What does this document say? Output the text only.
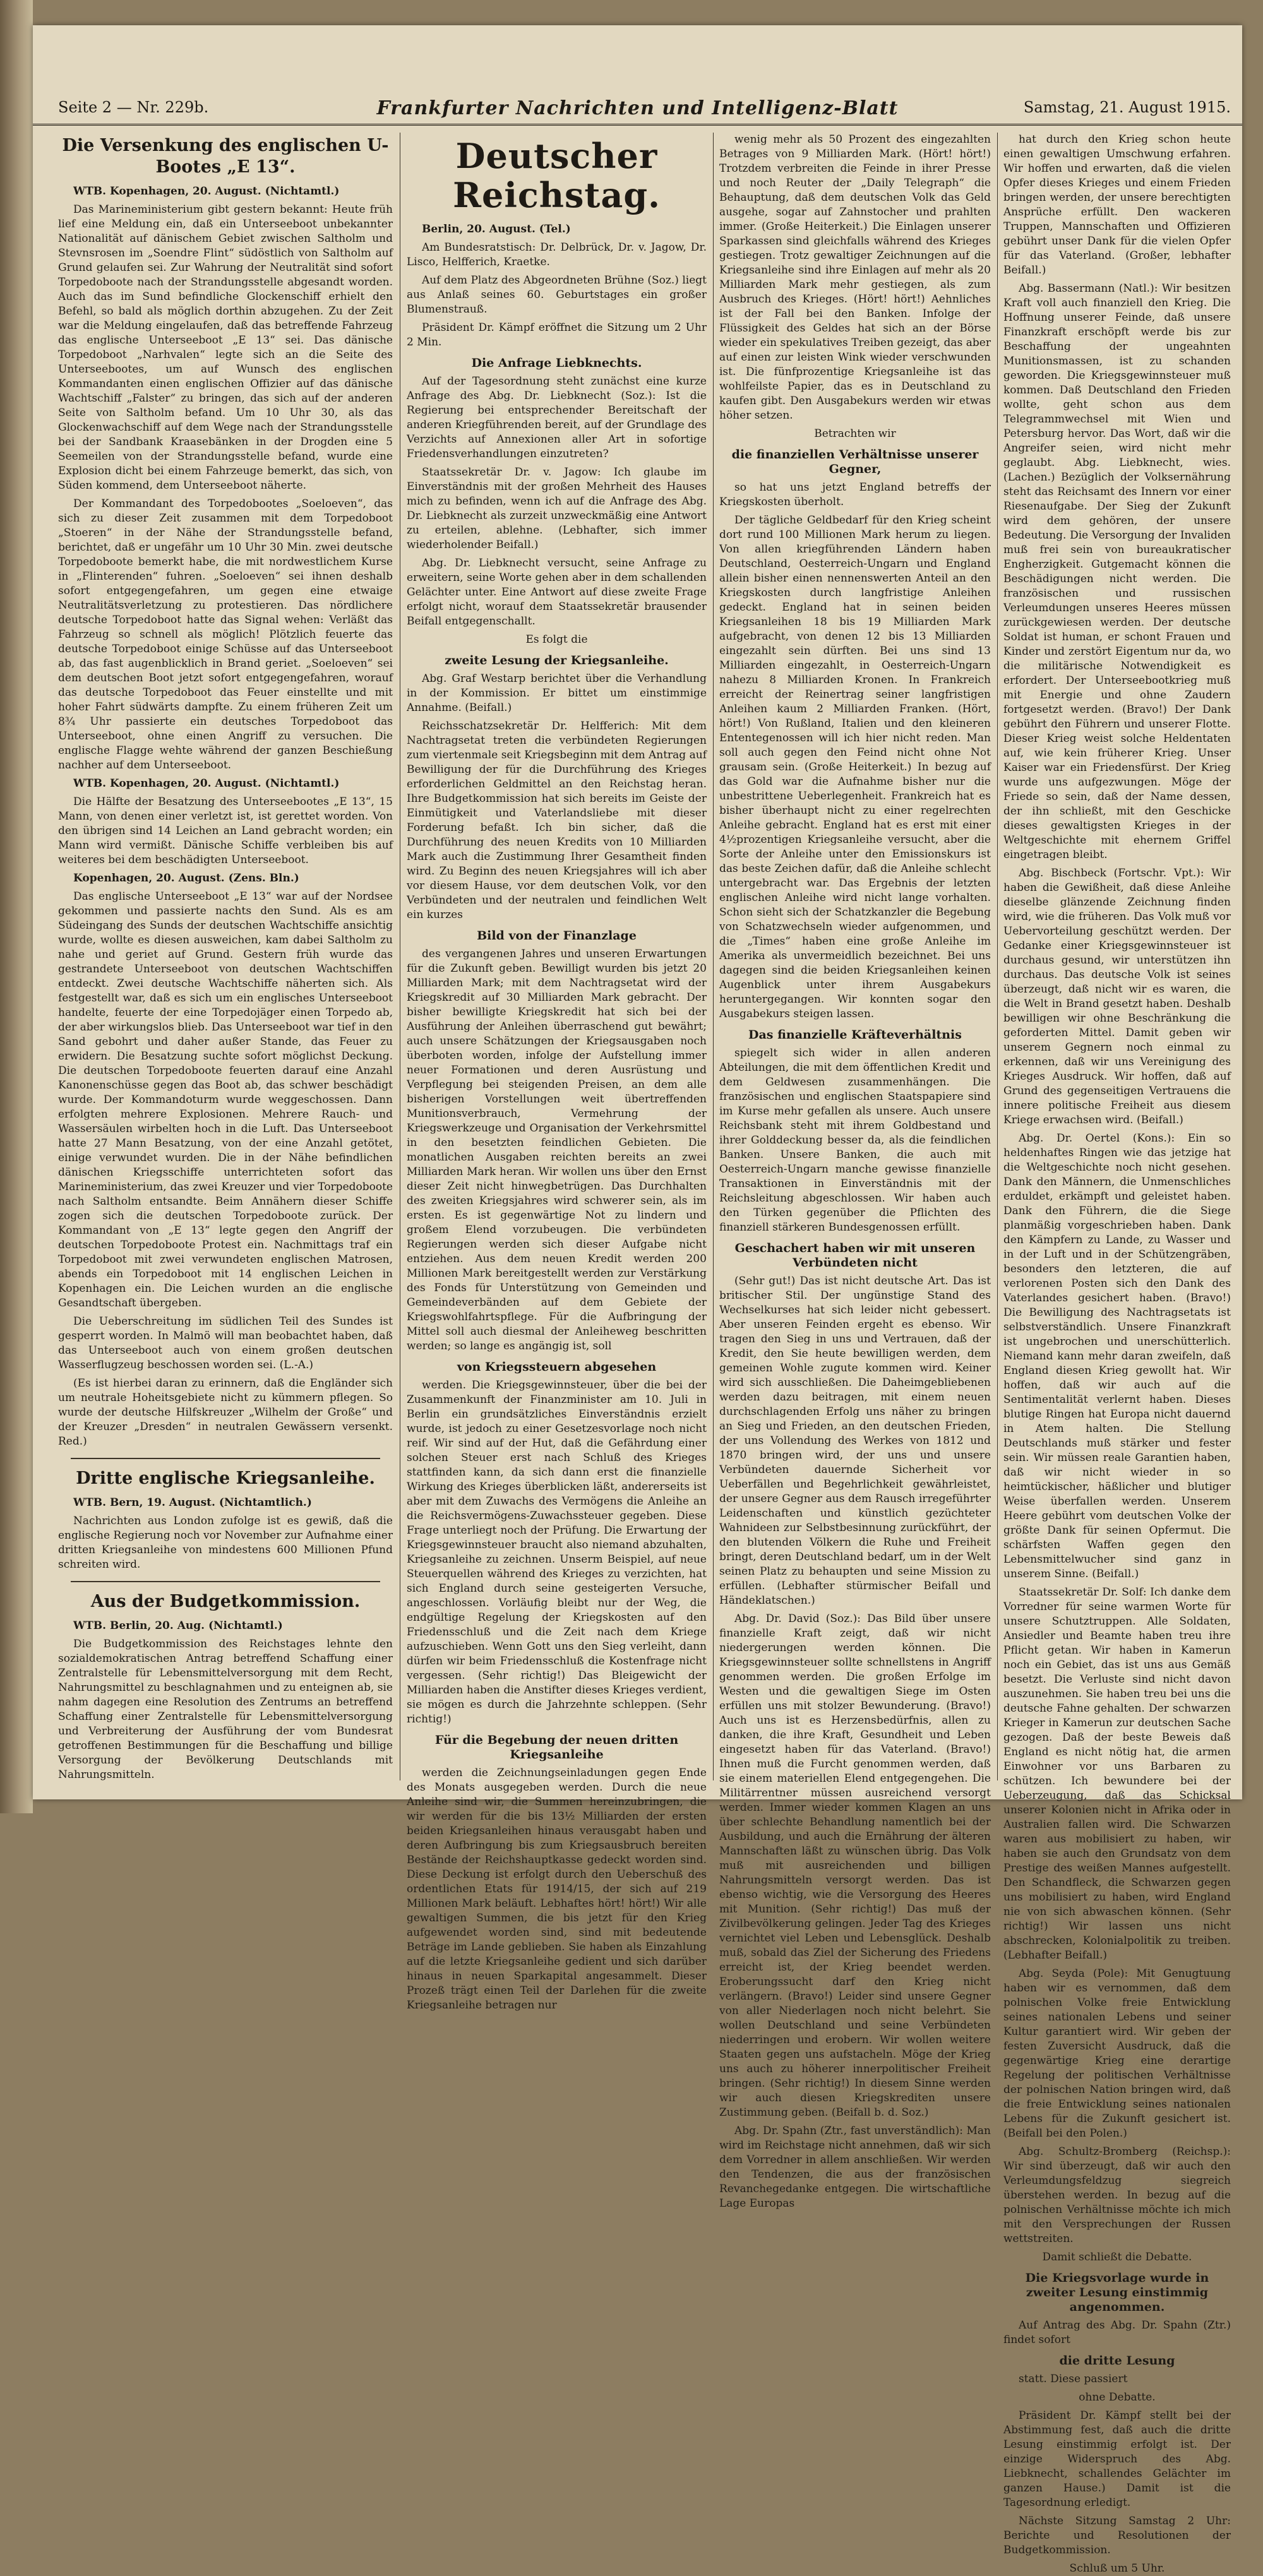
Seite 2 — Nr. 229b.	Frankfurter Nachrichten und Intelligenz-Blatt	Samstag, 21. August 1915.
Die Versenkung des englischen U-Bootes „E 13“.

WTB. Kopenhagen, 20. August. (Nichtamtl.)

Das Marineministerium gibt gestern bekannt: Heute früh lief eine Meldung ein, daß ein Unterseeboot unbekannter Nationalität auf dänischem Gebiet zwischen Saltholm und Stevnsrosen im „Soendre Flint“ südöstlich von Saltholm auf Grund gelaufen sei. Zur Wahrung der Neutralität sind sofort Torpedoboote nach der Strandungsstelle abgesandt worden. Auch das im Sund befindliche Glockenschiff erhielt den Befehl, so bald als möglich dorthin abzugehen. Zu der Zeit war die Meldung eingelaufen, daß das betreffende Fahrzeug das englische Unterseeboot „E 13“ sei. Das dänische Torpedoboot „Narhvalen“ legte sich an die Seite des Unterseebootes, um auf Wunsch des englischen Kommandanten einen englischen Offizier auf das dänische Wachtschiff „Falster“ zu bringen, das sich auf der anderen Seite von Saltholm befand. Um 10 Uhr 30, als das Glockenwachschiff auf dem Wege nach der Strandungsstelle bei der Sandbank Kraasebänken in der Drogden eine 5 Seemeilen von der Strandungsstelle befand, wurde eine Explosion dicht bei einem Fahrzeuge bemerkt, das sich, von Süden kommend, dem Unterseeboot näherte.

Der Kommandant des Torpedobootes „Soeloeven“, das sich zu dieser Zeit zusammen mit dem Torpedoboot „Stoeren“ in der Nähe der Strandungsstelle befand, berichtet, daß er ungefähr um 10 Uhr 30 Min. zwei deutsche Torpedoboote bemerkt habe, die mit nordwestlichem Kurse in „Flinterenden“ fuhren. „Soeloeven“ sei ihnen deshalb sofort entgegengefahren, um gegen eine etwaige Neutralitätsverletzung zu protestieren. Das nördlichere deutsche Torpedoboot hatte das Signal wehen: Verläßt das Fahrzeug so schnell als möglich! Plötzlich feuerte das deutsche Torpedoboot einige Schüsse auf das Unterseeboot ab, das fast augenblicklich in Brand geriet. „Soeloeven“ sei dem deutschen Boot jetzt sofort entgegengefahren, worauf das deutsche Torpedoboot das Feuer einstellte und mit hoher Fahrt südwärts dampfte. Zu einem früheren Zeit um 8¾ Uhr passierte ein deutsches Torpedoboot das Unterseeboot, ohne einen Angriff zu versuchen. Die englische Flagge wehte während der ganzen Beschießung nachher auf dem Unterseeboot.

WTB. Kopenhagen, 20. August. (Nichtamtl.)

Die Hälfte der Besatzung des Unterseebootes „E 13“, 15 Mann, von denen einer verletzt ist, ist gerettet worden. Von den übrigen sind 14 Leichen an Land gebracht worden; ein Mann wird vermißt. Dänische Schiffe verbleiben bis auf weiteres bei dem beschädigten Unterseeboot.

Kopenhagen, 20. August. (Zens. Bln.)

Das englische Unterseeboot „E 13“ war auf der Nordsee gekommen und passierte nachts den Sund. Als es am Südeingang des Sunds der deutschen Wachtschiffe ansichtig wurde, wollte es diesen ausweichen, kam dabei Saltholm zu nahe und geriet auf Grund. Gestern früh wurde das gestrandete Unterseeboot von deutschen Wachtschiffen entdeckt. Zwei deutsche Wachtschiffe näherten sich. Als festgestellt war, daß es sich um ein englisches Unterseeboot handelte, feuerte der eine Torpedojäger einen Torpedo ab, der aber wirkungslos blieb. Das Unterseeboot war tief in den Sand gebohrt und daher außer Stande, das Feuer zu erwidern. Die Besatzung suchte sofort möglichst Deckung. Die deutschen Torpedoboote feuerten darauf eine Anzahl Kanonenschüsse gegen das Boot ab, das schwer beschädigt wurde. Der Kommandoturm wurde weggeschossen. Dann erfolgten mehrere Explosionen. Mehrere Rauch- und Wassersäulen wirbelten hoch in die Luft. Das Unterseeboot hatte 27 Mann Besatzung, von der eine Anzahl getötet, einige verwundet wurden. Die in der Nähe befindlichen dänischen Kriegsschiffe unterrichteten sofort das Marineministerium, das zwei Kreuzer und vier Torpedoboote nach Saltholm entsandte. Beim Annähern dieser Schiffe zogen sich die deutschen Torpedoboote zurück. Der Kommandant von „E 13“ legte gegen den Angriff der deutschen Torpedoboote Protest ein. Nachmittags traf ein Torpedoboot mit zwei verwundeten englischen Matrosen, abends ein Torpedoboot mit 14 englischen Leichen in Kopenhagen ein. Die Leichen wurden an die englische Gesandtschaft übergeben.

Die Ueberschreitung im südlichen Teil des Sundes ist gesperrt worden. In Malmö will man beobachtet haben, daß das Unterseeboot auch von einem großen deutschen Wasserflugzeug beschossen worden sei. (L.-A.)

(Es ist hierbei daran zu erinnern, daß die Engländer sich um neutrale Hoheitsgebiete nicht zu kümmern pflegen. So wurde der deutsche Hilfskreuzer „Wilhelm der Große“ und der Kreuzer „Dresden“ in neutralen Gewässern versenkt. Red.)

Dritte englische Kriegsanleihe.

WTB. Bern, 19. August. (Nichtamtlich.)

Nachrichten aus London zufolge ist es gewiß, daß die englische Regierung noch vor November zur Aufnahme einer dritten Kriegsanleihe von mindestens 600 Millionen Pfund schreiten wird.

Aus der Budgetkommission.

WTB. Berlin, 20. Aug. (Nichtamtl.)

Die Budgetkommission des Reichstages lehnte den sozialdemokratischen Antrag betreffend Schaffung einer Zentralstelle für Lebensmittelversorgung mit dem Recht, Nahrungsmittel zu beschlagnahmen und zu enteignen ab, sie nahm dagegen eine Resolution des Zentrums an betreffend Schaffung einer Zentralstelle für Lebensmittelversorgung und Verbreiterung der Ausführung der vom Bundesrat getroffenen Bestimmungen für die Beschaffung und billige Versorgung der Bevölkerung Deutschlands mit Nahrungsmitteln.

Deutscher Reichstag.

Berlin, 20. August. (Tel.)

Am Bundesratstisch: Dr. Delbrück, Dr. v. Jagow, Dr. Lisco, Helfferich, Kraetke.

Auf dem Platz des Abgeordneten Brühne (Soz.) liegt aus Anlaß seines 60. Geburtstages ein großer Blumenstrauß.

Präsident Dr. Kämpf eröffnet die Sitzung um 2 Uhr 2 Min.

Die Anfrage Liebknechts.

Auf der Tagesordnung steht zunächst eine kurze Anfrage des Abg. Dr. Liebknecht (Soz.): Ist die Regierung bei entsprechender Bereitschaft der anderen Kriegführenden bereit, auf der Grundlage des Verzichts auf Annexionen aller Art in sofortige Friedensverhandlungen einzutreten?

Staatssekretär Dr. v. Jagow: Ich glaube im Einverständnis mit der großen Mehrheit des Hauses mich zu befinden, wenn ich auf die Anfrage des Abg. Dr. Liebknecht als zurzeit unzweckmäßig eine Antwort zu erteilen, ablehne. (Lebhafter, sich immer wiederholender Beifall.)

Abg. Dr. Liebknecht versucht, seine Anfrage zu erweitern, seine Worte gehen aber in dem schallenden Gelächter unter. Eine Antwort auf diese zweite Frage erfolgt nicht, worauf dem Staatssekretär brausender Beifall entgegenschallt.

Es folgt die

zweite Lesung der Kriegsanleihe.

Abg. Graf Westarp berichtet über die Verhandlung in der Kommission. Er bittet um einstimmige Annahme. (Beifall.)

Reichsschatzsekretär Dr. Helfferich: Mit dem Nachtragsetat treten die verbündeten Regierungen zum viertenmale seit Kriegsbeginn mit dem Antrag auf Bewilligung der für die Durchführung des Krieges erforderlichen Geldmittel an den Reichstag heran. Ihre Budgetkommission hat sich bereits im Geiste der Einmütigkeit und Vaterlandsliebe mit dieser Forderung befaßt. Ich bin sicher, daß die Durchführung des neuen Kredits von 10 Milliarden Mark auch die Zustimmung Ihrer Gesamtheit finden wird. Zu Beginn des neuen Kriegsjahres will ich aber vor diesem Hause, vor dem deutschen Volk, vor den Verbündeten und der neutralen und feindlichen Welt ein kurzes

Bild von der Finanzlage

des vergangenen Jahres und unseren Erwartungen für die Zukunft geben. Bewilligt wurden bis jetzt 20 Milliarden Mark; mit dem Nachtragsetat wird der Kriegskredit auf 30 Milliarden Mark gebracht. Der bisher bewilligte Kriegskredit hat sich bei der Ausführung der Anleihen überraschend gut bewährt; auch unsere Schätzungen der Kriegsausgaben noch überboten worden, infolge der Aufstellung immer neuer Formationen und deren Ausrüstung und Verpflegung bei steigenden Preisen, an dem alle bisherigen Vorstellungen weit übertreffenden Munitionsverbrauch, Vermehrung der Kriegswerkzeuge und Organisation der Verkehrsmittel in den besetzten feindlichen Gebieten. Die monatlichen Ausgaben reichten bereits an zwei Milliarden Mark heran. Wir wollen uns über den Ernst dieser Zeit nicht hinwegbetrügen. Das Durchhalten des zweiten Kriegsjahres wird schwerer sein, als im ersten. Es ist gegenwärtige Not zu lindern und großem Elend vorzubeugen. Die verbündeten Regierungen werden sich dieser Aufgabe nicht entziehen. Aus dem neuen Kredit werden 200 Millionen Mark bereitgestellt werden zur Verstärkung des Fonds für Unterstützung von Gemeinden und Gemeindeverbänden auf dem Gebiete der Kriegswohlfahrtspflege. Für die Aufbringung der Mittel soll auch diesmal der Anleiheweg beschritten werden; so lange es angängig ist, soll

von Kriegssteuern abgesehen

werden. Die Kriegsgewinnsteuer, über die bei der Zusammenkunft der Finanzminister am 10. Juli in Berlin ein grundsätzliches Einverständnis erzielt wurde, ist jedoch zu einer Gesetzesvorlage noch nicht reif. Wir sind auf der Hut, daß die Gefährdung einer solchen Steuer erst nach Schluß des Krieges stattfinden kann, da sich dann erst die finanzielle Wirkung des Krieges überblicken läßt, andererseits ist aber mit dem Zuwachs des Vermögens die Anleihe an die Reichsvermögens-Zuwachssteuer gegeben. Diese Frage unterliegt noch der Prüfung. Die Erwartung der Kriegsgewinnsteuer braucht also niemand abzuhalten, Kriegsanleihe zu zeichnen. Unserm Beispiel, auf neue Steuerquellen während des Krieges zu verzichten, hat sich England durch seine gesteigerten Versuche, angeschlossen. Vorläufig bleibt nur der Weg, die endgültige Regelung der Kriegskosten auf den Friedensschluß und die Zeit nach dem Kriege aufzuschieben. Wenn Gott uns den Sieg verleiht, dann dürfen wir beim Friedensschluß die Kostenfrage nicht vergessen. (Sehr richtig!) Das Bleigewicht der Milliarden haben die Anstifter dieses Krieges verdient, sie mögen es durch die Jahrzehnte schleppen. (Sehr richtig!)

Für die Begebung der neuen dritten Kriegsanleihe

werden die Zeichnungseinladungen gegen Ende des Monats ausgegeben werden. Durch die neue Anleihe sind wir, die Summen hereinzubringen, die wir werden für die bis 13½ Milliarden der ersten beiden Kriegsanleihen hinaus verausgabt haben und deren Aufbringung bis zum Kriegsausbruch bereiten Bestände der Reichshauptkasse gedeckt worden sind. Diese Deckung ist erfolgt durch den Ueberschuß des ordentlichen Etats für 1914/15, der sich auf 219 Millionen Mark beläuft. Lebhaftes hört! hört!) Wir alle gewaltigen Summen, die bis jetzt für den Krieg aufgewendet worden sind, sind mit bedeutende Beträge im Lande geblieben. Sie haben als Einzahlung auf die letzte Kriegsanleihe gedient und sich darüber hinaus in neuen Sparkapital angesammelt. Dieser Prozeß trägt einen Teil der Darlehen für die zweite Kriegsanleihe betragen nur

wenig mehr als 50 Prozent des eingezahlten Betrages von 9 Milliarden Mark. (Hört! hört!) Trotzdem verbreiten die Feinde in ihrer Presse und noch Reuter der „Daily Telegraph“ die Behauptung, daß dem deutschen Volk das Geld ausgehe, sogar auf Zahnstocher und prahlten immer. (Große Heiterkeit.) Die Einlagen unserer Sparkassen sind gleichfalls während des Krieges gestiegen. Trotz gewaltiger Zeichnungen auf die Kriegsanleihe sind ihre Einlagen auf mehr als 20 Milliarden Mark mehr gestiegen, als zum Ausbruch des Krieges. (Hört! hört!) Aehnliches ist der Fall bei den Banken. Infolge der Flüssigkeit des Geldes hat sich an der Börse wieder ein spekulatives Treiben gezeigt, das aber auf einen zur leisten Wink wieder verschwunden ist. Die fünfprozentige Kriegsanleihe ist das wohlfeilste Papier, das es in Deutschland zu kaufen gibt. Den Ausgabekurs werden wir etwas höher setzen.

Betrachten wir

die finanziellen Verhältnisse unserer Gegner,

so hat uns jetzt England betreffs der Kriegskosten überholt.

Der tägliche Geldbedarf für den Krieg scheint dort rund 100 Millionen Mark herum zu liegen. Von allen kriegführenden Ländern haben Deutschland, Oesterreich-Ungarn und England allein bisher einen nennenswerten Anteil an den Kriegskosten durch langfristige Anleihen gedeckt. England hat in seinen beiden Kriegsanleihen 18 bis 19 Milliarden Mark aufgebracht, von denen 12 bis 13 Milliarden eingezahlt sein dürften. Bei uns sind 13 Milliarden eingezahlt, in Oesterreich-Ungarn nahezu 8 Milliarden Kronen. In Frankreich erreicht der Reinertrag seiner langfristigen Anleihen kaum 2 Milliarden Franken. (Hört, hört!) Von Rußland, Italien und den kleineren Ententegenossen will ich hier nicht reden. Man soll auch gegen den Feind nicht ohne Not grausam sein. (Große Heiterkeit.) In bezug auf das Gold war die Aufnahme bisher nur die unbestrittene Ueberlegenheit. Frankreich hat es bisher überhaupt nicht zu einer regelrechten Anleihe gebracht. England hat es erst mit einer 4½prozentigen Kriegsanleihe versucht, aber die Sorte der Anleihe unter den Emissionskurs ist das beste Zeichen dafür, daß die Anleihe schlecht untergebracht war. Das Ergebnis der letzten englischen Anleihe wird nicht lange vorhalten. Schon sieht sich der Schatzkanzler die Begebung von Schatzwechseln wieder aufgenommen, und die „Times“ haben eine große Anleihe im Amerika als unvermeidlich bezeichnet. Bei uns dagegen sind die beiden Kriegsanleihen keinen Augenblick unter ihrem Ausgabekurs heruntergegangen. Wir konnten sogar den Ausgabekurs steigen lassen.

Das finanzielle Kräfteverhältnis

spiegelt sich wider in allen anderen Abteilungen, die mit dem öffentlichen Kredit und dem Geldwesen zusammenhängen. Die französischen und englischen Staatspapiere sind im Kurse mehr gefallen als unsere. Auch unsere Reichsbank steht mit ihrem Goldbestand und ihrer Golddeckung besser da, als die feindlichen Banken. Unsere Banken, die auch mit Oesterreich-Ungarn manche gewisse finanzielle Transaktionen in Einverständnis mit der Reichsleitung abgeschlossen. Wir haben auch den Türken gegenüber die Pflichten des finanziell stärkeren Bundesgenossen erfüllt.

Geschachert haben wir mit unseren Verbündeten nicht

(Sehr gut!) Das ist nicht deutsche Art. Das ist britischer Stil. Der ungünstige Stand des Wechselkurses hat sich leider nicht gebessert. Aber unseren Feinden ergeht es ebenso. Wir tragen den Sieg in uns und Vertrauen, daß der Kredit, den Sie heute bewilligen werden, dem gemeinen Wohle zugute kommen wird. Keiner wird sich ausschließen. Die Daheimgebliebenen werden dazu beitragen, mit einem neuen durchschlagenden Erfolg uns näher zu bringen an Sieg und Frieden, an den deutschen Frieden, der uns Vollendung des Werkes von 1812 und 1870 bringen wird, der uns und unsere Verbündeten dauernde Sicherheit vor Ueberfällen und Begehrlichkeit gewährleistet, der unsere Gegner aus dem Rausch irregeführter Leidenschaften und künstlich gezüchteter Wahnideen zur Selbstbesinnung zurückführt, der den blutenden Völkern die Ruhe und Freiheit bringt, deren Deutschland bedarf, um in der Welt seinen Platz zu behaupten und seine Mission zu erfüllen. (Lebhafter stürmischer Beifall und Händeklatschen.)

Abg. Dr. David (Soz.): Das Bild über unsere finanzielle Kraft zeigt, daß wir nicht niedergerungen werden können. Die Kriegsgewinnsteuer sollte schnellstens in Angriff genommen werden. Die großen Erfolge im Westen und die gewaltigen Siege im Osten erfüllen uns mit stolzer Bewunderung. (Bravo!) Auch uns ist es Herzensbedürfnis, allen zu danken, die ihre Kraft, Gesundheit und Leben eingesetzt haben für das Vaterland. (Bravo!) Ihnen muß die Furcht genommen werden, daß sie einem materiellen Elend entgegengehen. Die Militärrentner müssen ausreichend versorgt werden. Immer wieder kommen Klagen an uns über schlechte Behandlung namentlich bei der Ausbildung, und auch die Ernährung der älteren Mannschaften läßt zu wünschen übrig. Das Volk muß mit ausreichenden und billigen Nahrungsmitteln versorgt werden. Das ist ebenso wichtig, wie die Versorgung des Heeres mit Munition. (Sehr richtig!) Das muß der Zivilbevölkerung gelingen. Jeder Tag des Krieges vernichtet viel Leben und Lebensglück. Deshalb muß, sobald das Ziel der Sicherung des Friedens erreicht ist, der Krieg beendet werden. Eroberungssucht darf den Krieg nicht verlängern. (Bravo!) Leider sind unsere Gegner von aller Niederlagen noch nicht belehrt. Sie wollen Deutschland und seine Verbündeten niederringen und erobern. Wir wollen weitere Staaten gegen uns aufstacheln. Möge der Krieg uns auch zu höherer innerpolitischer Freiheit bringen. (Sehr richtig!) In diesem Sinne werden wir auch diesen Kriegskrediten unsere Zustimmung geben. (Beifall b. d. Soz.)

Abg. Dr. Spahn (Ztr., fast unverständlich): Man wird im Reichstage nicht annehmen, daß wir sich dem Vorredner in allem anschließen. Wir werden den Tendenzen, die aus der französischen Revanchegedanke entgegen. Die wirtschaftliche Lage Europas

hat durch den Krieg schon heute einen gewaltigen Umschwung erfahren. Wir hoffen und erwarten, daß die vielen Opfer dieses Krieges und einem Frieden bringen werden, der unsere berechtigten Ansprüche erfüllt. Den wackeren Truppen, Mannschaften und Offizieren gebührt unser Dank für die vielen Opfer für das Vaterland. (Großer, lebhafter Beifall.)

Abg. Bassermann (Natl.): Wir besitzen Kraft voll auch finanziell den Krieg. Die Hoffnung unserer Feinde, daß unsere Finanzkraft erschöpft werde bis zur Beschaffung der ungeahnten Munitionsmassen, ist zu schanden geworden. Die Kriegsgewinnsteuer muß kommen. Daß Deutschland den Frieden wollte, geht schon aus dem Telegrammwechsel mit Wien und Petersburg hervor. Das Wort, daß wir die Angreifer seien, wird nicht mehr geglaubt. Abg. Liebknecht, wies. (Lachen.) Bezüglich der Volksernährung steht das Reichsamt des Innern vor einer Riesenaufgabe. Der Sieg der Zukunft wird dem gehören, der unsere Bedeutung. Die Versorgung der Invaliden muß frei sein von bureaukratischer Engherzigkeit. Gutgemacht können die Beschädigungen nicht werden. Die französischen und russischen Verleumdungen unseres Heeres müssen zurückgewiesen werden. Der deutsche Soldat ist human, er schont Frauen und Kinder und zerstört Eigentum nur da, wo die militärische Notwendigkeit es erfordert. Der Unterseebootkrieg muß mit Energie und ohne Zaudern fortgesetzt werden. (Bravo!) Der Dank gebührt den Führern und unserer Flotte. Dieser Krieg weist solche Heldentaten auf, wie kein früherer Krieg. Unser Kaiser war ein Friedensfürst. Der Krieg wurde uns aufgezwungen. Möge der Friede so sein, daß der Name dessen, der ihn schließt, mit den Geschicke dieses gewaltigsten Krieges in der Weltgeschichte mit ehernem Griffel eingetragen bleibt.

Abg. Bischbeck (Fortschr. Vpt.): Wir haben die Gewißheit, daß diese Anleihe dieselbe glänzende Zeichnung finden wird, wie die früheren. Das Volk muß vor Uebervorteilung geschützt werden. Der Gedanke einer Kriegsgewinnsteuer ist durchaus gesund, wir unterstützen ihn durchaus. Das deutsche Volk ist seines überzeugt, daß nicht wir es waren, die die Welt in Brand gesetzt haben. Deshalb bewilligen wir ohne Beschränkung die geforderten Mittel. Damit geben wir unserem Gegnern noch einmal zu erkennen, daß wir uns Vereinigung des Krieges Ausdruck. Wir hoffen, daß auf Grund des gegenseitigen Vertrauens die innere politische Freiheit aus diesem Kriege erwachsen wird. (Beifall.)

Abg. Dr. Oertel (Kons.): Ein so heldenhaftes Ringen wie das jetzige hat die Weltgeschichte noch nicht gesehen. Dank den Männern, die Unmenschliches erduldet, erkämpft und geleistet haben. Dank den Führern, die die Siege planmäßig vorgeschrieben haben. Dank den Kämpfern zu Lande, zu Wasser und in der Luft und in der Schützengräben, besonders den letzteren, die auf verlorenen Posten sich den Dank des Vaterlandes gesichert haben. (Bravo!) Die Bewilligung des Nachtragsetats ist selbstverständlich. Unsere Finanzkraft ist ungebrochen und unerschütterlich. Niemand kann mehr daran zweifeln, daß England diesen Krieg gewollt hat. Wir hoffen, daß wir auch auf die Sentimentalität verlernt haben. Dieses blutige Ringen hat Europa nicht dauernd in Atem halten. Die Stellung Deutschlands muß stärker und fester sein. Wir müssen reale Garantien haben, daß wir nicht wieder in so heimtückischer, häßlicher und blutiger Weise überfallen werden. Unserem Heere gebührt vom deutschen Volke der größte Dank für seinen Opfermut. Die schärfsten Waffen gegen den Lebensmittelwucher sind ganz in unserem Sinne. (Beifall.)

Staatssekretär Dr. Solf: Ich danke dem Vorredner für seine warmen Worte für unsere Schutztruppen. Alle Soldaten, Ansiedler und Beamte haben treu ihre Pflicht getan. Wir haben in Kamerun noch ein Gebiet, das ist uns aus Gemäß besetzt. Die Verluste sind nicht davon auszunehmen. Sie haben treu bei uns die deutsche Fahne gehalten. Der schwarzen Krieger in Kamerun zur deutschen Sache gezogen. Daß der beste Beweis daß England es nicht nötig hat, die armen Einwohner vor uns Barbaren zu schützen. Ich bewundere bei der Ueberzeugung, daß das Schicksal unserer Kolonien nicht in Afrika oder in Australien fallen wird. Die Schwarzen waren aus mobilisiert zu haben, wir haben sie auch den Grundsatz von dem Prestige des weißen Mannes aufgestellt. Den Schandfleck, die Schwarzen gegen uns mobilisiert zu haben, wird England nie von sich abwaschen können. (Sehr richtig!) Wir lassen uns nicht abschrecken, Kolonialpolitik zu treiben. (Lebhafter Beifall.)

Abg. Seyda (Pole): Mit Genugtuung haben wir es vernommen, daß dem polnischen Volke freie Entwicklung seines nationalen Lebens und seiner Kultur garantiert wird. Wir geben der festen Zuversicht Ausdruck, daß die gegenwärtige Krieg eine derartige Regelung der politischen Verhältnisse der polnischen Nation bringen wird, daß die freie Entwicklung seines nationalen Lebens für die Zukunft gesichert ist. (Beifall bei den Polen.)

Abg. Schultz-Bromberg (Reichsp.): Wir sind überzeugt, daß wir auch den Verleumdungsfeldzug siegreich überstehen werden. In bezug auf die polnischen Verhältnisse möchte ich mich mit den Versprechungen der Russen wettstreiten.

Damit schließt die Debatte.

Die Kriegsvorlage wurde in zweiter Lesung einstimmig angenommen.

Auf Antrag des Abg. Dr. Spahn (Ztr.) findet sofort

die dritte Lesung

statt. Diese passiert

ohne Debatte.

Präsident Dr. Kämpf stellt bei der Abstimmung fest, daß auch die dritte Lesung einstimmig erfolgt ist. Der einzige Widerspruch des Abg. Liebknecht, schallendes Gelächter im ganzen Hause.) Damit ist die Tagesordnung erledigt.

Nächste Sitzung Samstag 2 Uhr: Berichte und Resolutionen der Budgetkommission.

Schluß um 5 Uhr.
